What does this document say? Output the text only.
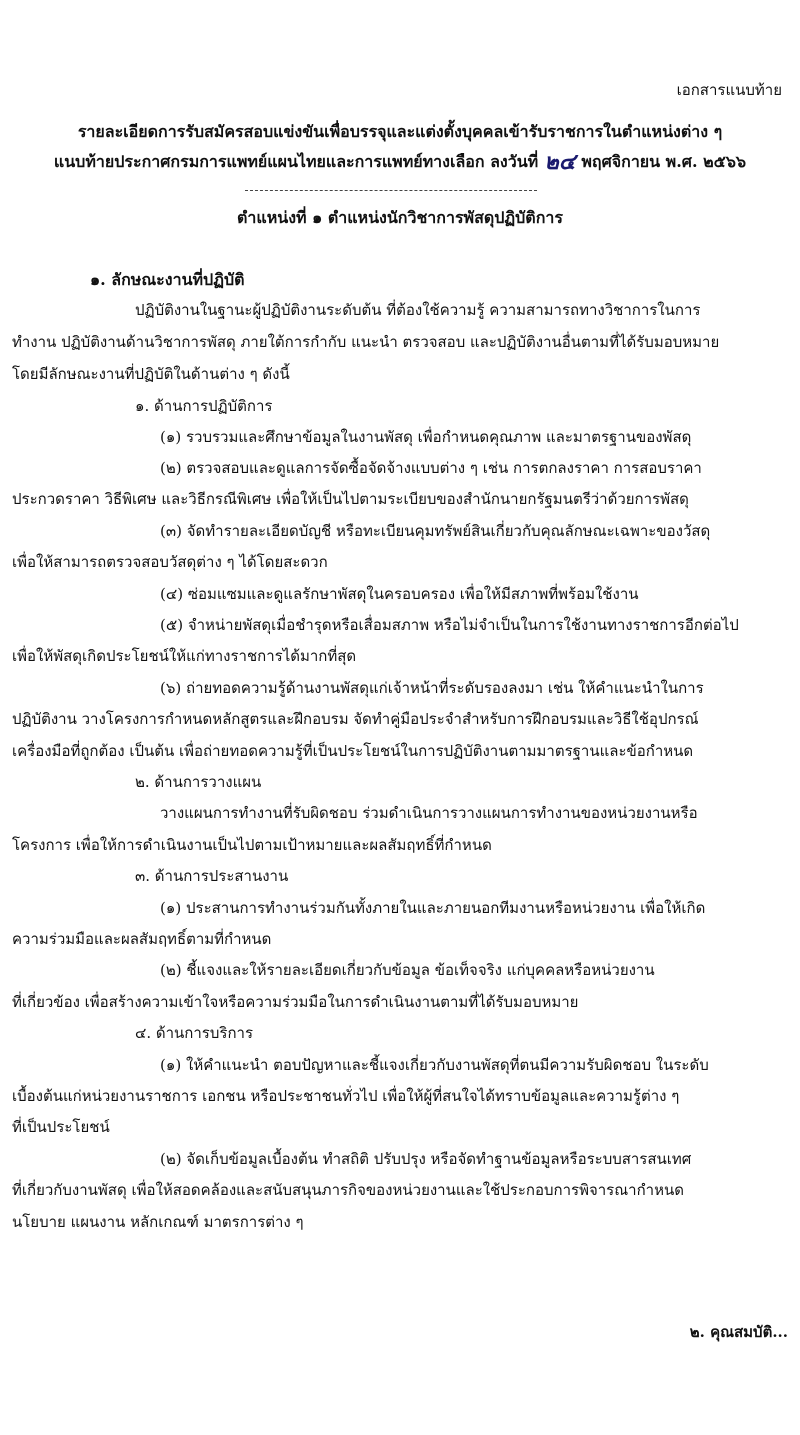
เอกสารแนบท้าย
รายละเอียดการรับสมัครสอบแข่งขันเพื่อบรรจุและแต่งตั้งบุคคลเข้ารับราชการในตำแหน่งต่าง ๆ
แนบท้ายประกาศกรมการแพทย์แผนไทยและการแพทย์ทางเลือก ลงวันที่ ๒๔ พฤศจิกายน พ.ศ. ๒๕๖๖
ตำแหน่งที่ ๑ ตำแหน่งนักวิชาการพัสดุปฏิบัติการ
๑. ลักษณะงานที่ปฏิบัติ
ปฏิบัติงานในฐานะผู้ปฏิบัติงานระดับต้น ที่ต้องใช้ความรู้ ความสามารถทางวิชาการในการ
ทำงาน ปฏิบัติงานด้านวิชาการพัสดุ ภายใต้การกำกับ แนะนำ ตรวจสอบ และปฏิบัติงานอื่นตามที่ได้รับมอบหมาย
โดยมีลักษณะงานที่ปฏิบัติในด้านต่าง ๆ ดังนี้
๑. ด้านการปฏิบัติการ
(๑) รวบรวมและศึกษาข้อมูลในงานพัสดุ เพื่อกำหนดคุณภาพ และมาตรฐานของพัสดุ
(๒) ตรวจสอบและดูแลการจัดซื้อจัดจ้างแบบต่าง ๆ เช่น การตกลงราคา การสอบราคา
ประกวดราคา วิธีพิเศษ และวิธีกรณีพิเศษ เพื่อให้เป็นไปตามระเบียบของสำนักนายกรัฐมนตรีว่าด้วยการพัสดุ
(๓) จัดทำรายละเอียดบัญชี หรือทะเบียนคุมทรัพย์สินเกี่ยวกับคุณลักษณะเฉพาะของวัสดุ
เพื่อให้สามารถตรวจสอบวัสดุต่าง ๆ ได้โดยสะดวก
(๔) ซ่อมแซมและดูแลรักษาพัสดุในครอบครอง เพื่อให้มีสภาพที่พร้อมใช้งาน
(๕) จำหน่ายพัสดุเมื่อชำรุดหรือเสื่อมสภาพ หรือไม่จำเป็นในการใช้งานทางราชการอีกต่อไป
เพื่อให้พัสดุเกิดประโยชน์ให้แก่ทางราชการได้มากที่สุด
(๖) ถ่ายทอดความรู้ด้านงานพัสดุแก่เจ้าหน้าที่ระดับรองลงมา เช่น ให้คำแนะนำในการ
ปฏิบัติงาน วางโครงการกำหนดหลักสูตรและฝึกอบรม จัดทำคู่มือประจำสำหรับการฝึกอบรมและวิธีใช้อุปกรณ์
เครื่องมือที่ถูกต้อง เป็นต้น เพื่อถ่ายทอดความรู้ที่เป็นประโยชน์ในการปฏิบัติงานตามมาตรฐานและข้อกำหนด
๒. ด้านการวางแผน
วางแผนการทำงานที่รับผิดชอบ ร่วมดำเนินการวางแผนการทำงานของหน่วยงานหรือ
โครงการ เพื่อให้การดำเนินงานเป็นไปตามเป้าหมายและผลสัมฤทธิ์ที่กำหนด
๓. ด้านการประสานงาน
(๑) ประสานการทำงานร่วมกันทั้งภายในและภายนอกทีมงานหรือหน่วยงาน เพื่อให้เกิด
ความร่วมมือและผลสัมฤทธิ์ตามที่กำหนด
(๒) ชี้แจงและให้รายละเอียดเกี่ยวกับข้อมูล ข้อเท็จจริง แก่บุคคลหรือหน่วยงาน
ที่เกี่ยวข้อง เพื่อสร้างความเข้าใจหรือความร่วมมือในการดำเนินงานตามที่ได้รับมอบหมาย
๔. ด้านการบริการ
(๑) ให้คำแนะนำ ตอบปัญหาและชี้แจงเกี่ยวกับงานพัสดุที่ตนมีความรับผิดชอบ ในระดับ
เบื้องต้นแก่หน่วยงานราชการ เอกชน หรือประชาชนทั่วไป เพื่อให้ผู้ที่สนใจได้ทราบข้อมูลและความรู้ต่าง ๆ
ที่เป็นประโยชน์
(๒) จัดเก็บข้อมูลเบื้องต้น ทำสถิติ ปรับปรุง หรือจัดทำฐานข้อมูลหรือระบบสารสนเทศ
ที่เกี่ยวกับงานพัสดุ เพื่อให้สอดคล้องและสนับสนุนภารกิจของหน่วยงานและใช้ประกอบการพิจารณากำหนด
นโยบาย แผนงาน หลักเกณฑ์ มาตรการต่าง ๆ
๒. คุณสมบัติ...
